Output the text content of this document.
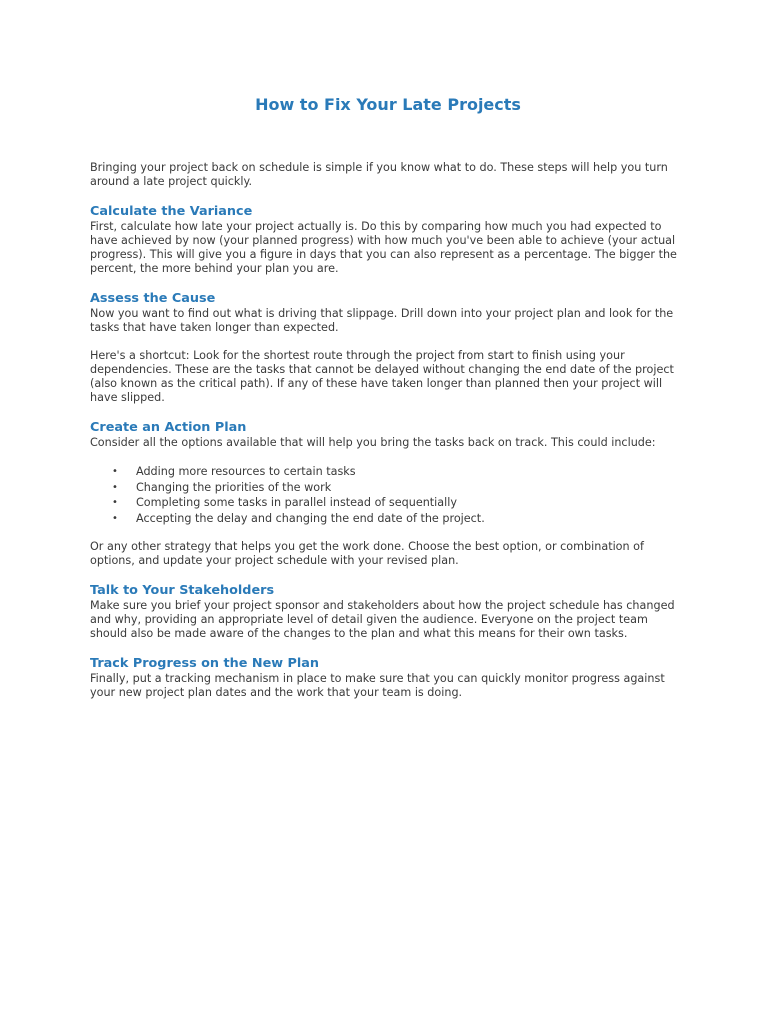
How to Fix Your Late Projects

Bringing your project back on schedule is simple if you know what to do. These steps will help you turn around a late project quickly.

Calculate the Variance

First, calculate how late your project actually is. Do this by comparing how much you had expected to have achieved by now (your planned progress) with how much you've been able to achieve (your actual progress). This will give you a figure in days that you can also represent as a percentage. The bigger the percent, the more behind your plan you are.

Assess the Cause

Now you want to find out what is driving that slippage. Drill down into your project plan and look for the tasks that have taken longer than expected.

Here's a shortcut: Look for the shortest route through the project from start to finish using your dependencies. These are the tasks that cannot be delayed without changing the end date of the project (also known as the critical path). If any of these have taken longer than planned then your project will have slipped.

Create an Action Plan

Consider all the options available that will help you bring the tasks back on track. This could include:

• Adding more resources to certain tasks
• Changing the priorities of the work
• Completing some tasks in parallel instead of sequentially
• Accepting the delay and changing the end date of the project.

Or any other strategy that helps you get the work done. Choose the best option, or combination of options, and update your project schedule with your revised plan.

Talk to Your Stakeholders

Make sure you brief your project sponsor and stakeholders about how the project schedule has changed and why, providing an appropriate level of detail given the audience. Everyone on the project team should also be made aware of the changes to the plan and what this means for their own tasks.

Track Progress on the New Plan

Finally, put a tracking mechanism in place to make sure that you can quickly monitor progress against your new project plan dates and the work that your team is doing.
